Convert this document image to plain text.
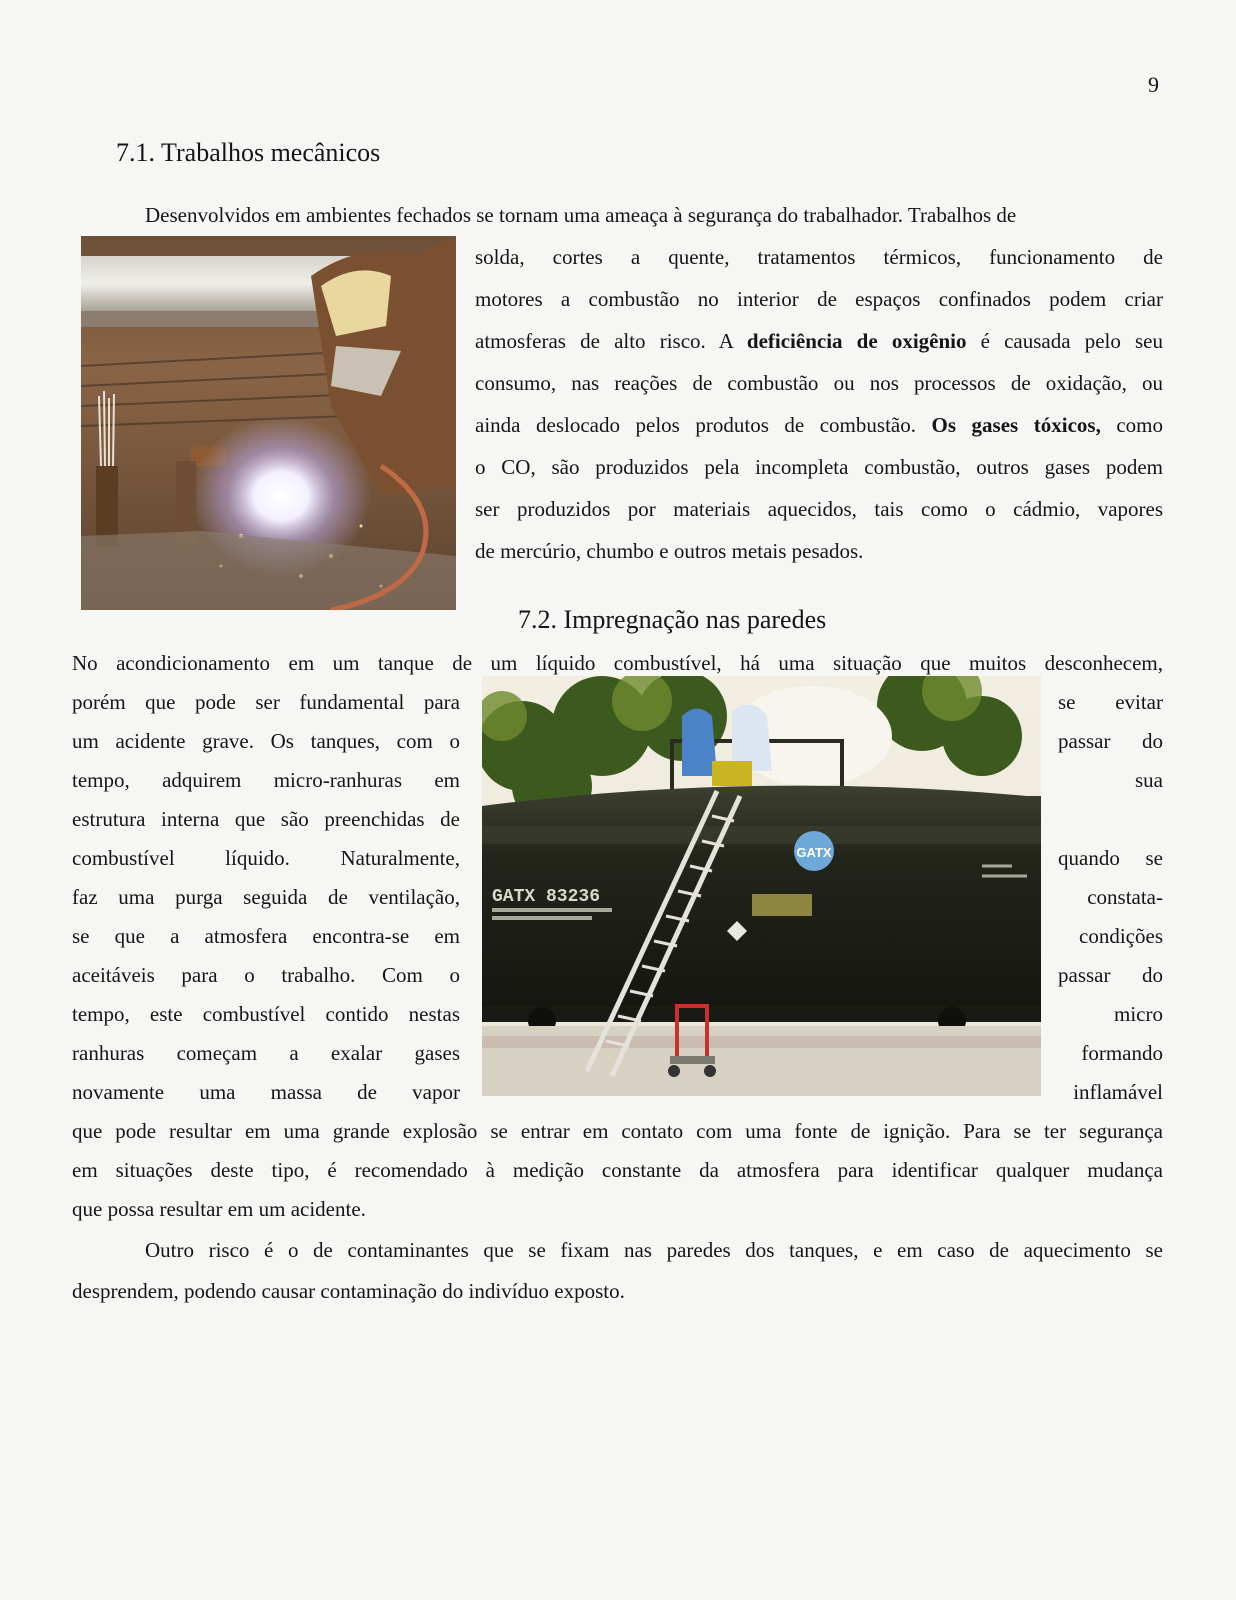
9
7.1. Trabalhos mecânicos
Desenvolvidos em ambientes fechados se tornam uma ameaça à segurança do trabalhador. Trabalhos de
solda, cortes a quente, tratamentos térmicos, funcionamento de
motores a combustão no interior de espaços confinados podem criar
atmosferas de alto risco. A deficiência de oxigênio é causada pelo seu
consumo, nas reações de combustão ou nos processos de oxidação, ou
ainda deslocado pelos produtos de combustão. Os gases tóxicos, como
o CO, são produzidos pela incompleta combustão, outros gases podem
ser produzidos por materiais aquecidos, tais como o cádmio, vapores
de mercúrio, chumbo e outros metais pesados.
7.2. Impregnação nas paredes
No acondicionamento em um tanque de um líquido combustível, há uma situação que muitos desconhecem,
GATX
GATX 83236
porém que pode ser fundamental para
um acidente grave. Os tanques, com o
tempo, adquirem micro-ranhuras em
estrutura interna que são preenchidas de
combustível líquido. Naturalmente,
faz uma purga seguida de ventilação,
se que a atmosfera encontra-se em
aceitáveis para o trabalho. Com o
tempo, este combustível contido nestas
ranhuras começam a exalar gases
novamente uma massa de vapor
se evitar
passar do
sua
quando se
constata-
condições
passar do
micro
formando
inflamável
que pode resultar em uma grande explosão se entrar em contato com uma fonte de ignição. Para se ter segurança
em situações deste tipo, é recomendado à medição constante da atmosfera para identificar qualquer mudança
que possa resultar em um acidente.
Outro risco é o de contaminantes que se fixam nas paredes dos tanques, e em caso de aquecimento se
desprendem, podendo causar contaminação do indivíduo exposto.
